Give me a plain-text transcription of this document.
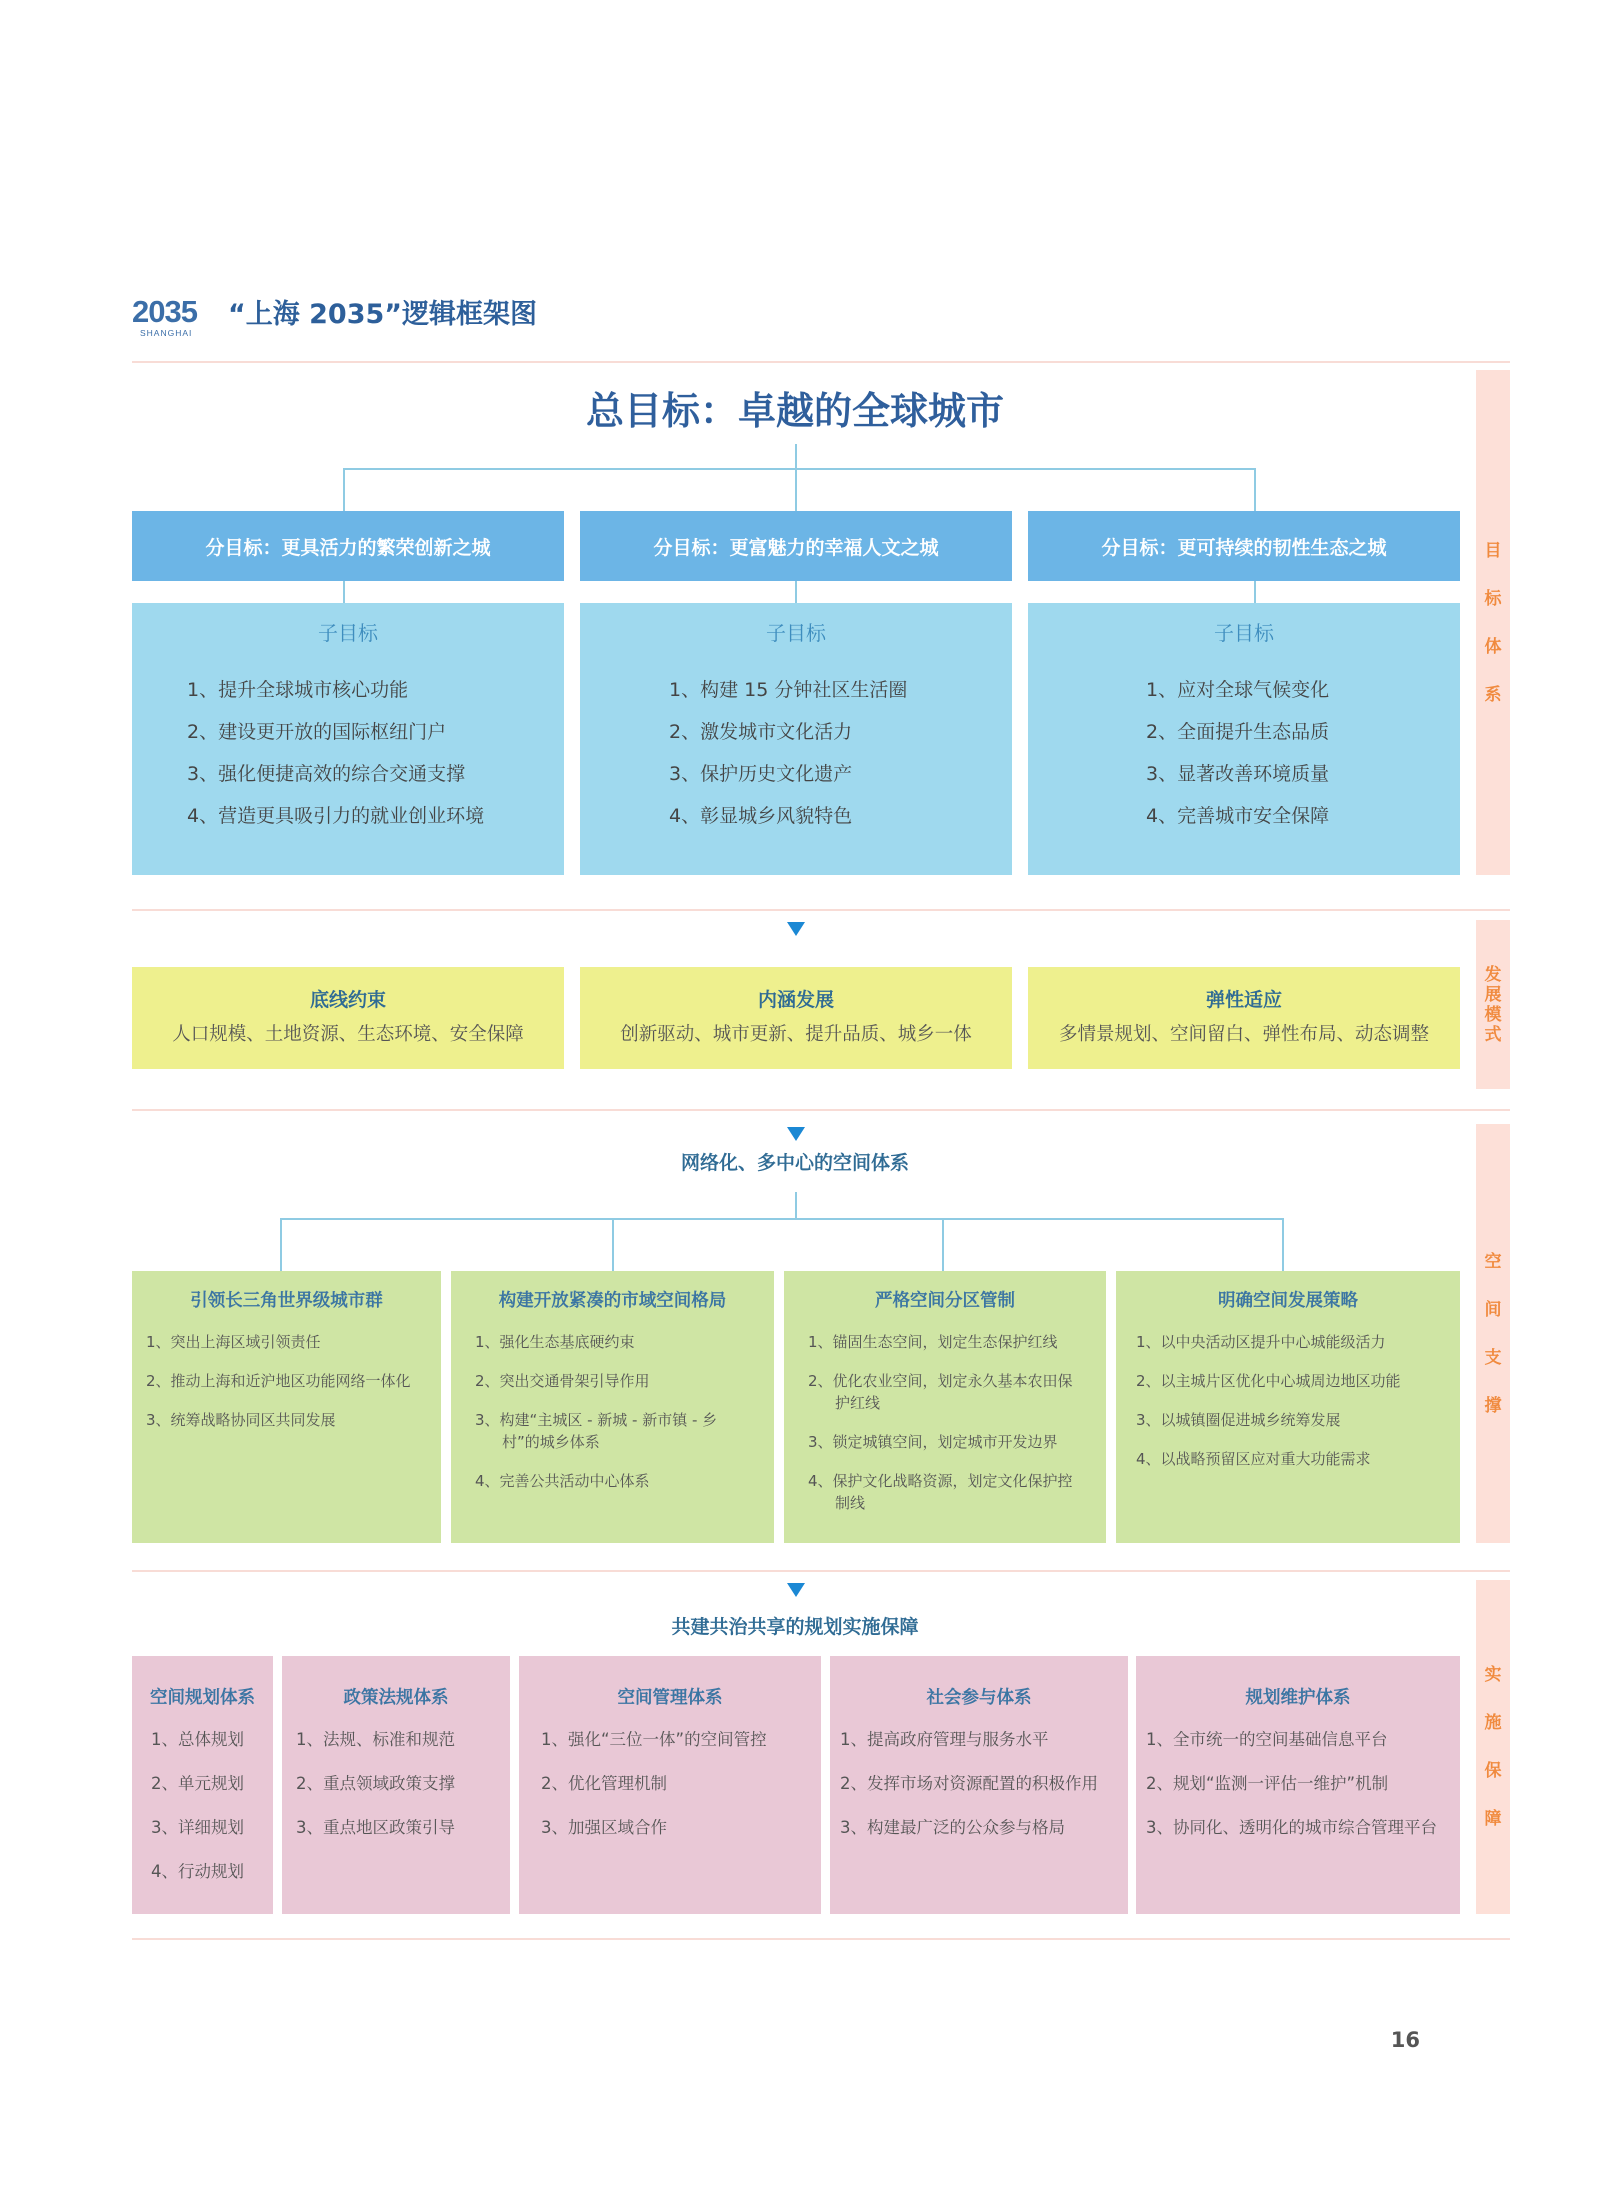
2035
SHANGHAI
“上海 2035”逻辑框架图
目
标
体
系
发
展
模
式
空
间
支
撑
实
施
保
障
总目标：卓越的全球城市
分目标：更具活力的繁荣创新之城	分目标：更富魅力的幸福人文之城	分目标：更可持续的韧性生态之城
子目标
1、提升全球城市核心功能
2、建设更开放的国际枢纽门户
3、强化便捷高效的综合交通支撑
4、营造更具吸引力的就业创业环境
子目标
1、构建 15 分钟社区生活圈
2、激发城市文化活力
3、保护历史文化遗产
4、彰显城乡风貌特色
子目标
1、应对全球气候变化
2、全面提升生态品质
3、显著改善环境质量
4、完善城市安全保障
底线约束
人口规模、土地资源、生态环境、安全保障
内涵发展
创新驱动、城市更新、提升品质、城乡一体
弹性适应
多情景规划、空间留白、弹性布局、动态调整
网络化、多中心的空间体系
引领长三角世界级城市群
1、突出上海区域引领责任
2、推动上海和近沪地区功能网络一体化
3、统筹战略协同区共同发展
构建开放紧凑的市域空间格局
1、强化生态基底硬约束
2、突出交通骨架引导作用
3、构建“主城区 - 新城 - 新市镇 - 乡村”的城乡体系
4、完善公共活动中心体系
严格空间分区管制
1、锚固生态空间，划定生态保护红线
2、优化农业空间，划定永久基本农田保护红线
3、锁定城镇空间，划定城市开发边界
4、保护文化战略资源，划定文化保护控制线
明确空间发展策略
1、以中央活动区提升中心城能级活力
2、以主城片区优化中心城周边地区功能
3、以城镇圈促进城乡统筹发展
4、以战略预留区应对重大功能需求
共建共治共享的规划实施保障
空间规划体系
1、总体规划
2、单元规划
3、详细规划
4、行动规划
政策法规体系
1、法规、标准和规范
2、重点领域政策支撑
3、重点地区政策引导
空间管理体系
1、强化“三位一体”的空间管控
2、优化管理机制
3、加强区域合作
社会参与体系
1、提高政府管理与服务水平
2、发挥市场对资源配置的积极作用
3、构建最广泛的公众参与格局
规划维护体系
1、全市统一的空间基础信息平台
2、规划“监测一评估一维护”机制
3、协同化、透明化的城市综合管理平台
16
